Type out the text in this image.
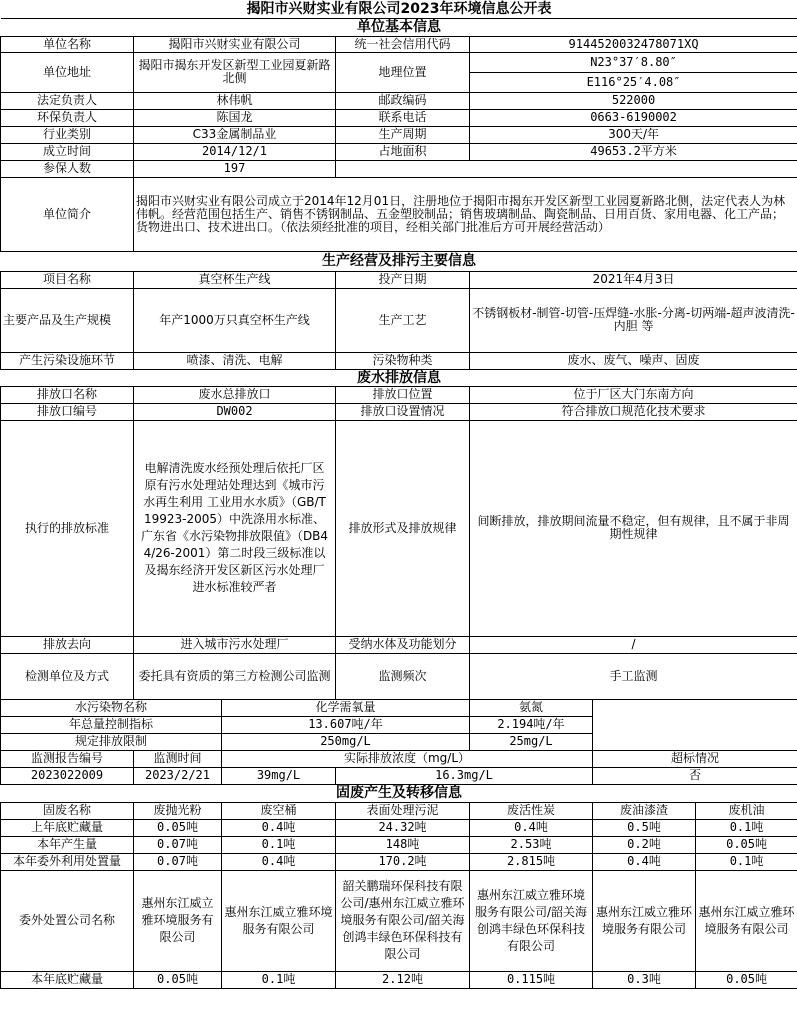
揭阳市兴财实业有限公司2023年环境信息公开表						
单位基本信息						
单位名称	揭阳市兴财实业有限公司		统一社会信用代码	9144520032478071XQ		
单位地址	揭阳市揭东开发区新型工业园夏新路北侧		地理位置	N23°37′8.80″		
				E116°25′4.08″		
法定负责人	林伟帆		邮政编码	522000		
环保负责人	陈国龙		联系电话	0663-6190002		
行业类别	C33金属制品业		生产周期	300天/年		
成立时间	2014/12/1		占地面积	49653.2平方米		
参保人数	197					
单位简介	揭阳市兴财实业有限公司成立于2014年12月01日，注册地位于揭阳市揭东开发区新型工业园夏新路北侧，法定代表人为林伟帆。经营范围包括生产、销售不锈钢制品、五金塑胶制品；销售玻璃制品、陶瓷制品、日用百货、家用电器、化工产品；货物进出口、技术进出口。（依法须经批准的项目，经相关部门批准后方可开展经营活动）					
生产经营及排污主要信息						
项目名称	真空杯生产线		投产日期	2021年4月3日		
主要产品及生产规模	年产1000万只真空杯生产线		生产工艺	不锈钢板材-制管-切管-压焊缝-水胀-分离-切两端-超声波清洗-内胆 等		
产生污染设施环节	喷漆、清洗、电解		污染物种类	废水、废气、噪声、固废		
废水排放信息						
排放口名称	废水总排放口		排放口位置	位于厂区大门东南方向		
排放口编号	DW002		排放口设置情况	符合排放口规范化技术要求		
执行的排放标准	电解清洗废水经预处理后依托厂区原有污水处理站处理达到《城市污水再生利用 工业用水水质》（GB/T19923-2005）中洗涤用水标准、广东省《水污染物排放限值》（DB44/26-2001）第二时段三级标准以及揭东经济开发区新区污水处理厂进水标准较严者		排放形式及排放规律	间断排放，排放期间流量不稳定，但有规律，且不属于非周期性规律		
排放去向	进入城市污水处理厂		受纳水体及功能划分	/		
检测单位及方式	委托具有资质的第三方检测公司监测		监测频次	手工监测		
水污染物名称		化学需氧量		氨氮		
年总量控制指标		13.607吨/年		2.194吨/年		
规定排放限制		250mg/L		25mg/L		
监测报告编号	监测时间	实际排放浓度（mg/L）			超标情况	
2023022009	2023/2/21	39mg/L	16.3mg/L		否	
固废产生及转移信息						
固废名称	废抛光粉	废空桶	表面处理污泥	废活性炭	废油漆渣	废机油
上年底贮藏量	0.05吨	0.4吨	24.32吨	0.4吨	0.5吨	0.1吨
本年产生量	0.07吨	0.1吨	148吨	2.53吨	0.2吨	0.05吨
本年委外利用处置量	0.07吨	0.4吨	170.2吨	2.815吨	0.4吨	0.1吨
委外处置公司名称	惠州东江威立雅环境服务有限公司	惠州东江威立雅环境服务有限公司	韶关鹏瑞环保科技有限公司/惠州东江威立雅环境服务有限公司/韶关海创鸿丰绿色环保科技有限公司	惠州东江威立雅环境服务有限公司/韶关海创鸿丰绿色环保科技有限公司	惠州东江威立雅环境服务有限公司	惠州东江威立雅环境服务有限公司
本年底贮藏量	0.05吨	0.1吨	2.12吨	0.115吨	0.3吨	0.05吨
